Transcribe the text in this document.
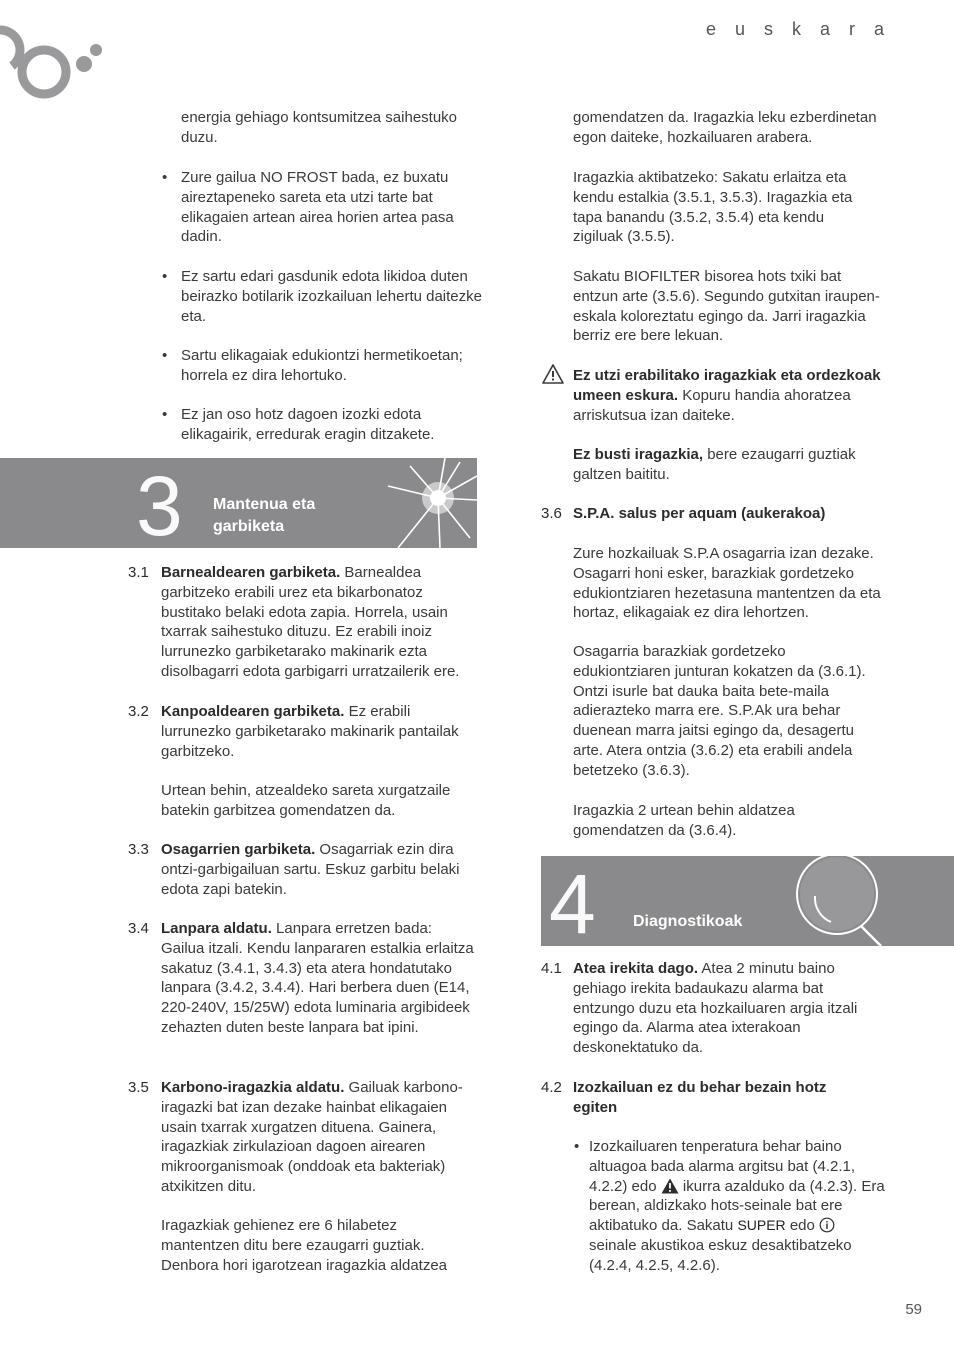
e u s k a r a
energia gehiago kontsumitzea saihestuko duzu.
• Zure gailua NO FROST bada, ez buxatu aireztapeneko sareta eta utzi tarte bat elikagaien artean airea horien artea pasa dadin.
• Ez sartu edari gasdunik edota likidoa duten beirazko botilarik izozkailuan lehertu daitezke eta.
• Sartu elikagaiak edukiontzi hermetikoetan; horrela ez dira lehortuko.
• Ez jan oso hotz dagoen izozki edota elikagairik, erredurak eragin ditzakete.
3 Mantenua eta
garbiketa
3.1 Barnealdearen garbiketa. Barnealdea garbitzeko erabili urez eta bikarbonatoz bustitako belaki edota zapia. Horrela, usain txarrak saihestuko dituzu. Ez erabili inoiz lurrunezko garbiketarako makinarik ezta disolbagarri edota garbigarri urratzailerik ere.
3.2 Kanpoaldearen garbiketa. Ez erabili lurrunezko garbiketarako makinarik pantailak garbitzeko.
Urtean behin, atzealdeko sareta xurgatzaile batekin garbitzea gomendatzen da.
3.3 Osagarrien garbiketa. Osagarriak ezin dira ontzi-garbigailuan sartu. Eskuz garbitu belaki edota zapi batekin.
3.4 Lanpara aldatu. Lanpara erretzen bada: Gailua itzali. Kendu lanpararen estalkia erlaitza sakatuz (3.4.1, 3.4.3) eta atera hondatutako lanpara (3.4.2, 3.4.4). Hari berbera duen (E14, 220-240V, 15/25W) edota luminaria argibideek zehazten duten beste lanpara bat ipini.
3.5 Karbono-iragazkia aldatu. Gailuak karbono-iragazki bat izan dezake hainbat elikagaien usain txarrak xurgatzen dituena. Gainera, iragazkiak zirkulazioan dagoen airearen mikroorganismoak (onddoak eta bakteriak) atxikitzen ditu.
Iragazkiak gehienez ere 6 hilabetez mantentzen ditu bere ezaugarri guztiak. Denbora hori igarotzean iragazkia aldatzea
gomendatzen da. Iragazkia leku ezberdinetan egon daiteke, hozkailuaren arabera.
Iragazkia aktibatzeko: Sakatu erlaitza eta kendu estalkia (3.5.1, 3.5.3). Iragazkia eta tapa banandu (3.5.2, 3.5.4) eta kendu zigiluak (3.5.5).
Sakatu BIOFILTER bisorea hots txiki bat entzun arte (3.5.6). Segundo gutxitan iraupen-eskala koloreztatu egingo da. Jarri iragazkia berriz ere bere lekuan.
Ez utzi erabilitako iragazkiak eta ordezkoak umeen eskura. Kopuru handia ahoratzea arriskutsua izan daiteke.
Ez busti iragazkia, bere ezaugarri guztiak galtzen baititu.
3.6 S.P.A. salus per aquam (aukerakoa)
Zure hozkailuak S.P.A osagarria izan dezake. Osagarri honi esker, barazkiak gordetzeko edukiontziaren hezetasuna mantentzen da eta hortaz, elikagaiak ez dira lehortzen.
Osagarria barazkiak gordetzeko edukiontziaren junturan kokatzen da (3.6.1). Ontzi isurle bat dauka baita bete-maila adierazteko marra ere. S.P.Ak ura behar duenean marra jaitsi egingo da, desagertu arte. Atera ontzia (3.6.2) eta erabili andela betetzeko (3.6.3).
Iragazkia 2 urtean behin aldatzea gomendatzen da (3.6.4).
4 Diagnostikoak
4.1 Atea irekita dago. Atea 2 minutu baino gehiago irekita badaukazu alarma bat entzungo duzu eta hozkailuaren argia itzali egingo da. Alarma atea ixterakoan deskonektatuko da.
4.2 Izozkailuan ez du behar bezain hotz
egiten
• Izozkailuaren tenperatura behar baino altuagoa bada alarma argitsu bat (4.2.1, 4.2.2) edo ikurra azalduko da (4.2.3). Era berean, aldizkako hots-seinale bat ere aktibatuko da. Sakatu SUPER edo  seinale akustikoa eskuz desaktibatzeko (4.2.4, 4.2.5, 4.2.6).
59
